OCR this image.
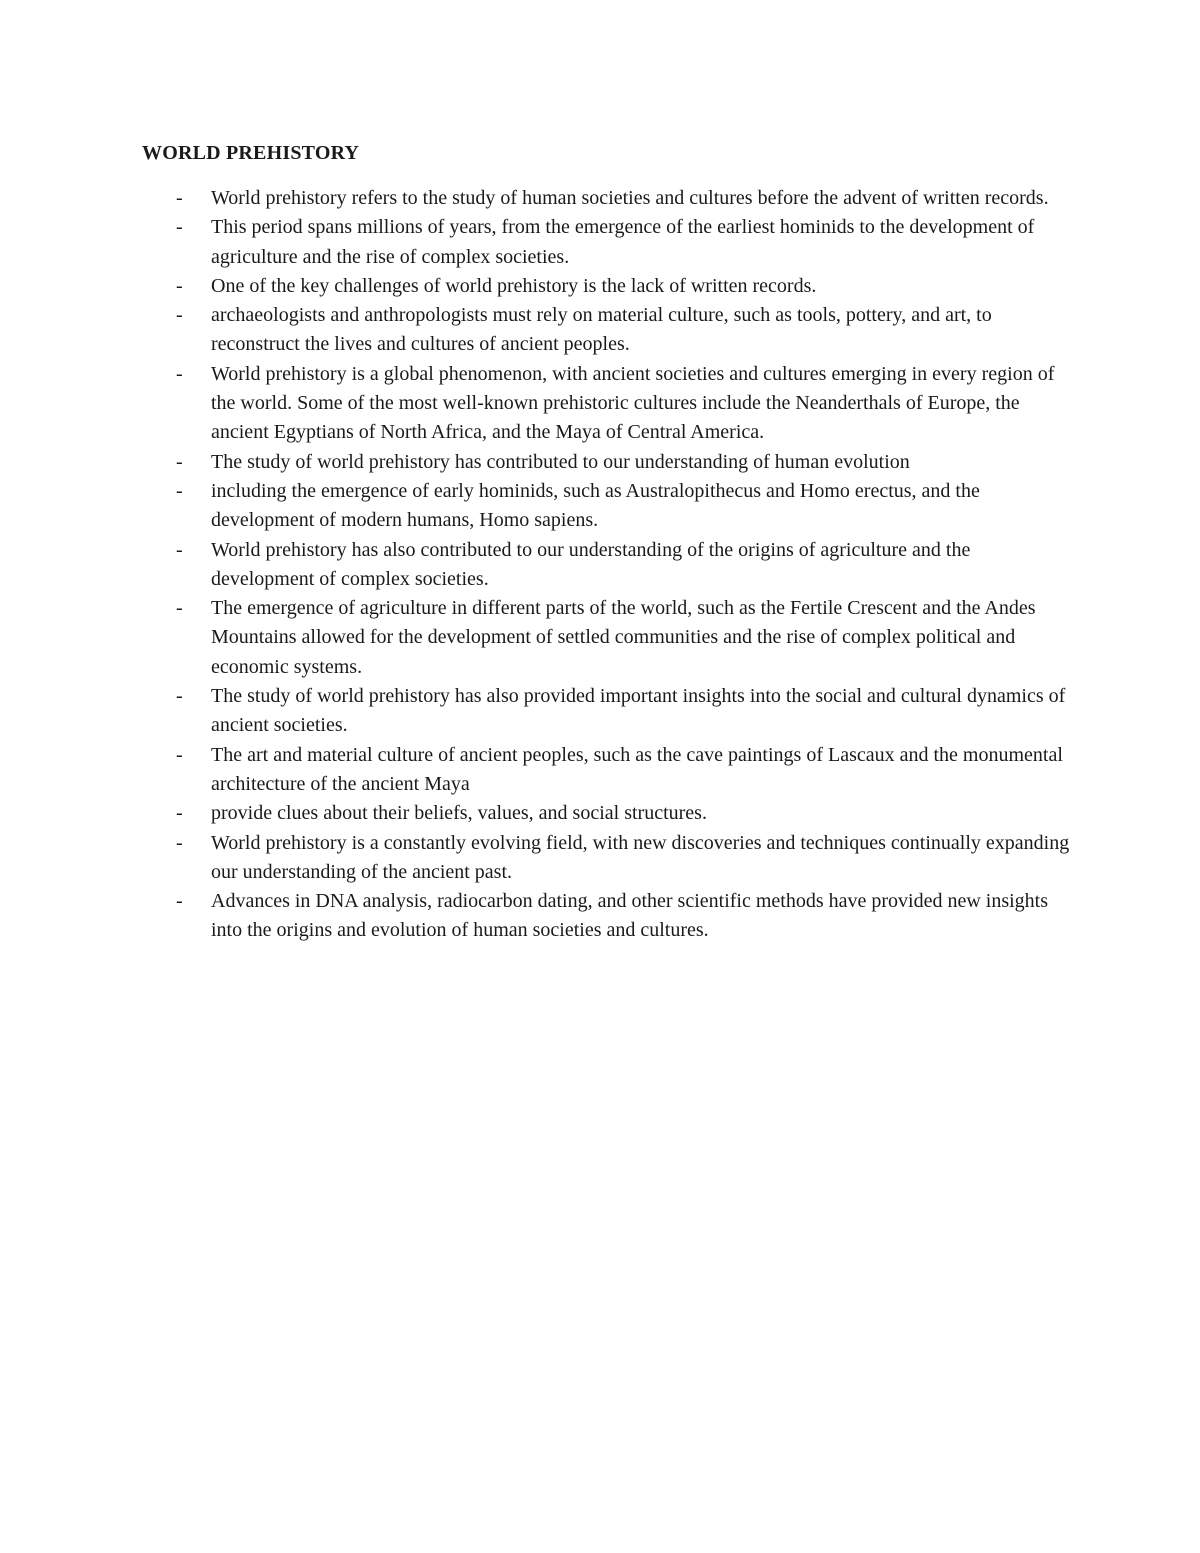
WORLD PREHISTORY
- World prehistory refers to the study of human societies and cultures before the advent of written records.
- This period spans millions of years, from the emergence of the earliest hominids to the development of agriculture and the rise of complex societies.
- One of the key challenges of world prehistory is the lack of written records.
- archaeologists and anthropologists must rely on material culture, such as tools, pottery, and art, to reconstruct the lives and cultures of ancient peoples.
- World prehistory is a global phenomenon, with ancient societies and cultures emerging in every region of the world. Some of the most well-known prehistoric cultures include the Neanderthals of Europe, the ancient Egyptians of North Africa, and the Maya of Central America.
- The study of world prehistory has contributed to our understanding of human evolution
- including the emergence of early hominids, such as Australopithecus and Homo erectus, and the development of modern humans, Homo sapiens.
- World prehistory has also contributed to our understanding of the origins of agriculture and the development of complex societies.
- The emergence of agriculture in different parts of the world, such as the Fertile Crescent and the Andes Mountains allowed for the development of settled communities and the rise of complex political and economic systems.
- The study of world prehistory has also provided important insights into the social and cultural dynamics of ancient societies.
- The art and material culture of ancient peoples, such as the cave paintings of Lascaux and the monumental architecture of the ancient Maya
- provide clues about their beliefs, values, and social structures.
- World prehistory is a constantly evolving field, with new discoveries and techniques continually expanding our understanding of the ancient past.
- Advances in DNA analysis, radiocarbon dating, and other scientific methods have provided new insights into the origins and evolution of human societies and cultures.
